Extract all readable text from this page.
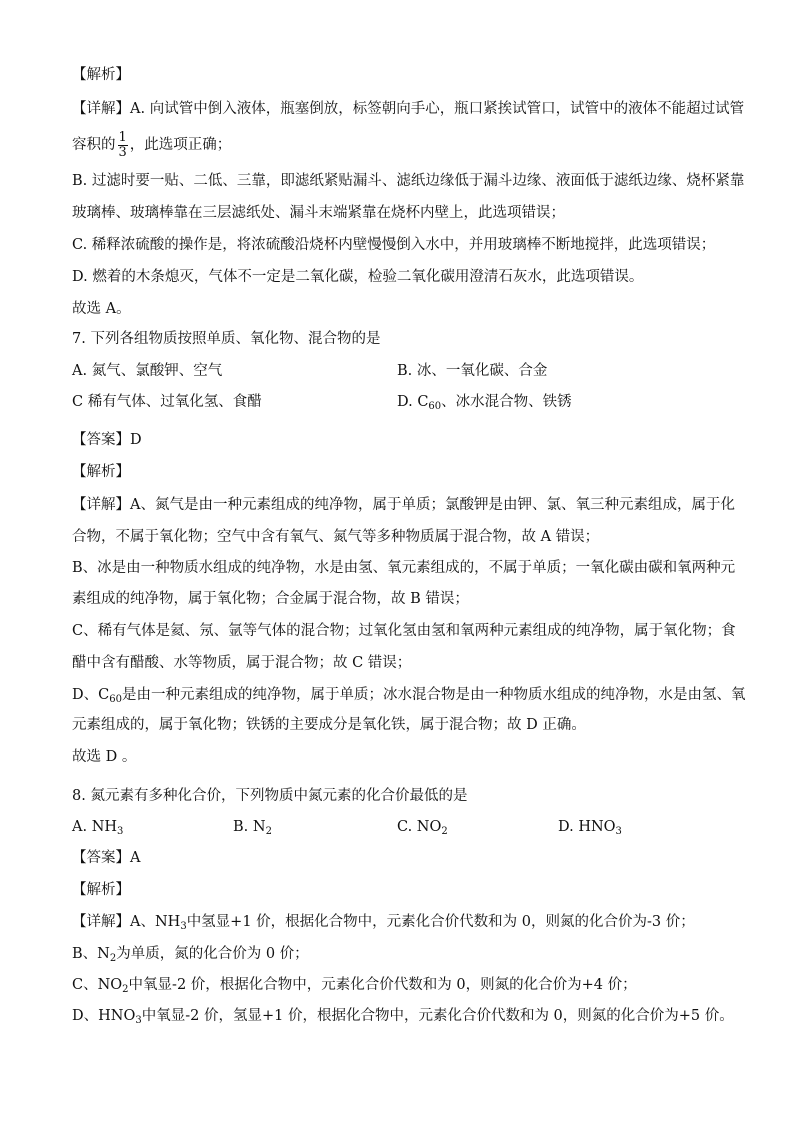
【解析】
【详解】A. 向试管中倒入液体，瓶塞倒放，标签朝向手心，瓶口紧挨试管口，试管中的液体不能超过试管
容积的 $\frac{1}{3}$ ，此选项正确；
B. 过滤时要一贴、二低、三靠，即滤纸紧贴漏斗、滤纸边缘低于漏斗边缘、液面低于滤纸边缘、烧杯紧靠
玻璃棒、玻璃棒靠在三层滤纸处、漏斗末端紧靠在烧杯内壁上，此选项错误；
C. 稀释浓硫酸的操作是，将浓硫酸沿烧杯内壁慢慢倒入水中，并用玻璃棒不断地搅拌，此选项错误；
D. 燃着的木条熄灭，气体不一定是二氧化碳，检验二氧化碳用澄清石灰水，此选项错误。
故选 A。
7. 下列各组物质按照单质、氧化物、混合物的是
A. 氮气、氯酸钾、空气	B. 冰、一氧化碳、合金
C 稀有气体、过氧化氢、食醋	D. $C_{60}$、冰水混合物、铁锈
【答案】D
【解析】
【详解】A、氮气是由一种元素组成的纯净物，属于单质；氯酸钾是由钾、氯、氧三种元素组成，属于化
合物，不属于氧化物；空气中含有氧气、氮气等多种物质属于混合物，故 A 错误；
B、冰是由一种物质水组成的纯净物，水是由氢、氧元素组成的，不属于单质；一氧化碳由碳和氧两种元
素组成的纯净物，属于氧化物；合金属于混合物，故 B 错误；
C、稀有气体是氦、氖、氩等气体的混合物；过氧化氢由氢和氧两种元素组成的纯净物，属于氧化物；食
醋中含有醋酸、水等物质，属于混合物；故 C 错误；
D、$C_{60}$是由一种元素组成的纯净物，属于单质；冰水混合物是由一种物质水组成的纯净物，水是由氢、氧
元素组成的，属于氧化物；铁锈的主要成分是氧化铁，属于混合物；故 D 正确。
故选 D 。
8. 氮元素有多种化合价，下列物质中氮元素的化合价最低的是
A. $NH_3$	B. $N_2$	C. $NO_2$	D. $HNO_3$
【答案】A
【解析】
【详解】A、$NH_3$中氢显+1 价，根据化合物中，元素化合价代数和为 0，则氮的化合价为-3 价；
B、$N_2$为单质，氮的化合价为 0 价；
C、$NO_2$中氧显-2 价，根据化合物中，元素化合价代数和为 0，则氮的化合价为+4 价；
D、$HNO_3$中氧显-2 价，氢显+1 价，根据化合物中，元素化合价代数和为 0，则氮的化合价为+5 价。
